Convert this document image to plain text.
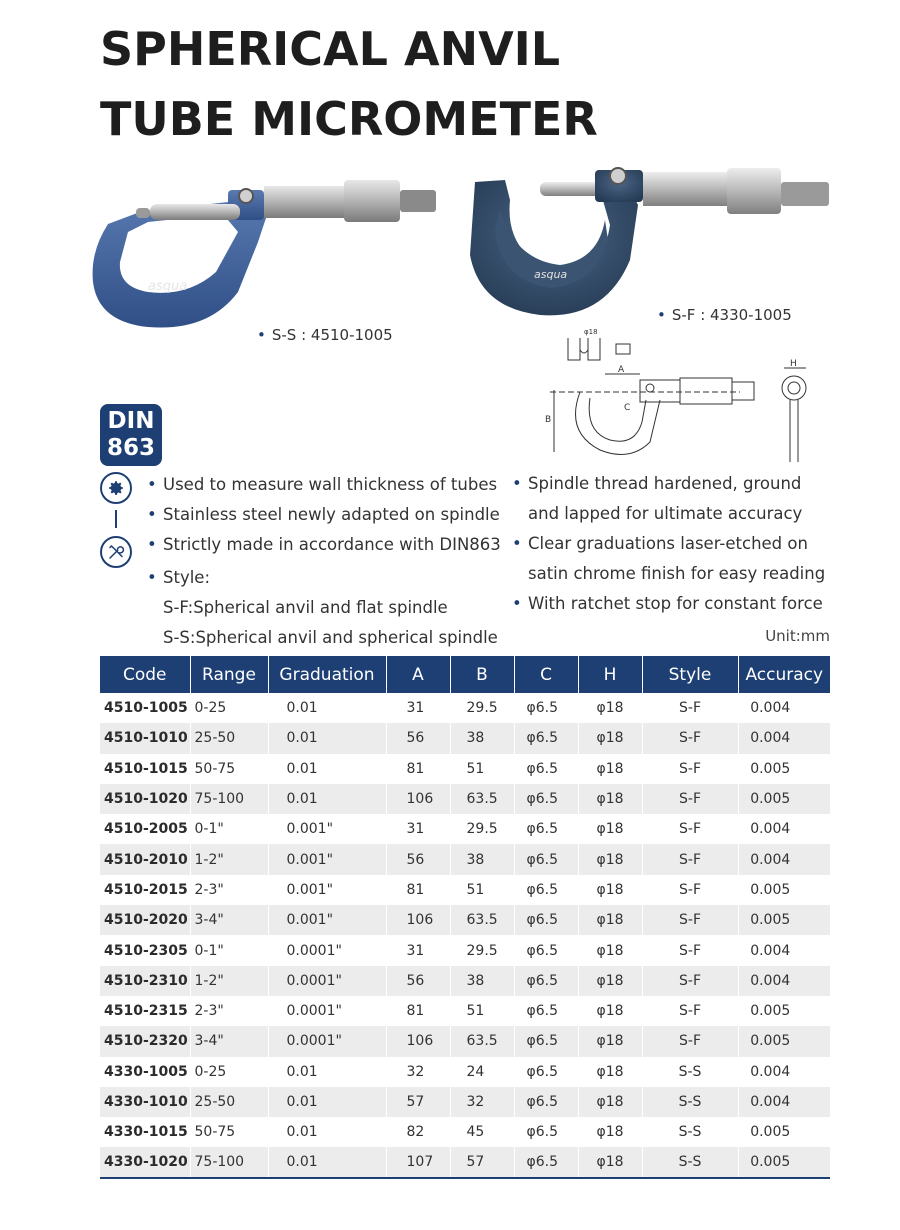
SPHERICAL ANVIL
TUBE MICROMETER
asqua
• S-S : 4510-1005
asqua
• S-F : 4330-1005
φ18
A
B
C
H
DIN
863
• Used to measure wall thickness of tubes
• Stainless steel newly adapted on spindle
• Strictly made in accordance with DIN863
• Style:
S-F:Spherical anvil and flat spindle
S-S:Spherical anvil and spherical spindle
• Spindle thread hardened, ground
and lapped for ultimate accuracy
• Clear graduations laser-etched on
satin chrome finish for easy reading
• With ratchet stop for constant force
Unit:mm
Code	Range	Graduation	A	B	C	H	Style	Accuracy
4510-1005	0-25	0.01	31	29.5	φ6.5	φ18	S-F	0.004
4510-1010	25-50	0.01	56	38	φ6.5	φ18	S-F	0.004
4510-1015	50-75	0.01	81	51	φ6.5	φ18	S-F	0.005
4510-1020	75-100	0.01	106	63.5	φ6.5	φ18	S-F	0.005
4510-2005	0-1"	0.001"	31	29.5	φ6.5	φ18	S-F	0.004
4510-2010	1-2"	0.001"	56	38	φ6.5	φ18	S-F	0.004
4510-2015	2-3"	0.001"	81	51	φ6.5	φ18	S-F	0.005
4510-2020	3-4"	0.001"	106	63.5	φ6.5	φ18	S-F	0.005
4510-2305	0-1"	0.0001"	31	29.5	φ6.5	φ18	S-F	0.004
4510-2310	1-2"	0.0001"	56	38	φ6.5	φ18	S-F	0.004
4510-2315	2-3"	0.0001"	81	51	φ6.5	φ18	S-F	0.005
4510-2320	3-4"	0.0001"	106	63.5	φ6.5	φ18	S-F	0.005
4330-1005	0-25	0.01	32	24	φ6.5	φ18	S-S	0.004
4330-1010	25-50	0.01	57	32	φ6.5	φ18	S-S	0.004
4330-1015	50-75	0.01	82	45	φ6.5	φ18	S-S	0.005
4330-1020	75-100	0.01	107	57	φ6.5	φ18	S-S	0.005
